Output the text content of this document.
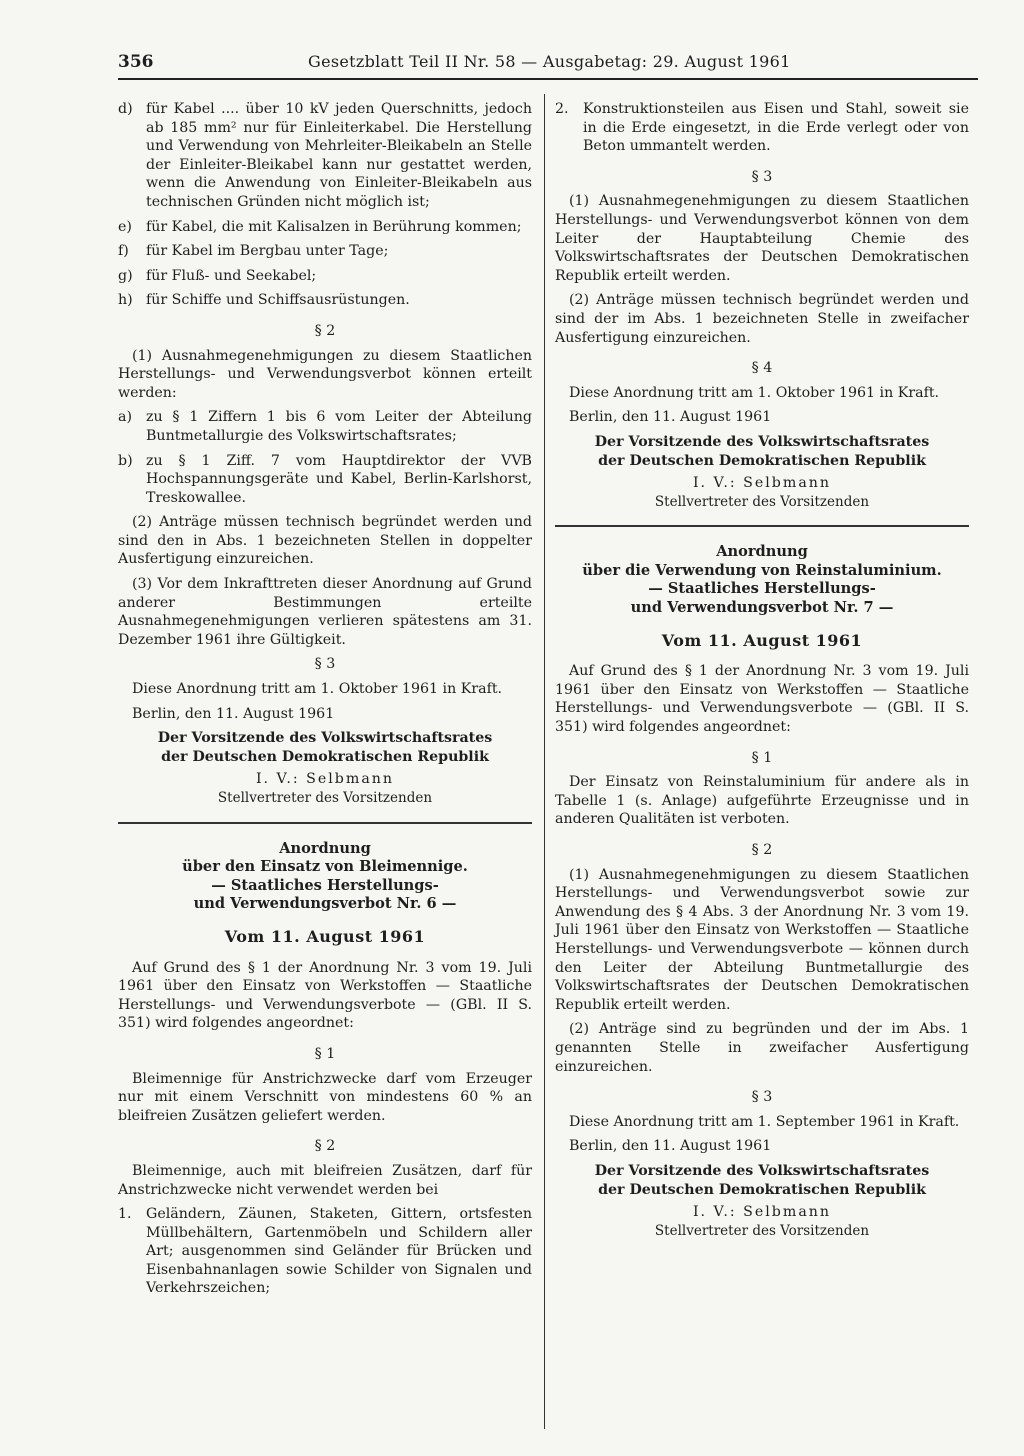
356	Gesetzblatt Teil II Nr. 58 — Ausgabetag: 29. August 1961
d) für Kabel .... über 10 kV jeden Querschnitts, jedoch ab 185 mm² nur für Einleiterkabel. Die Herstellung und Verwendung von Mehrleiter-Bleikabeln an Stelle der Einleiter-Bleikabel kann nur gestattet werden, wenn die Anwendung von Einleiter-Bleikabeln aus technischen Gründen nicht möglich ist;
e) für Kabel, die mit Kalisalzen in Berührung kommen;
f)	für Kabel im Bergbau unter Tage;
g) für Fluß- und Seekabel;
h) für Schiffe und Schiffsausrüstungen.

§ 2

(1) Ausnahmegenehmigungen zu diesem Staatlichen Herstellungs- und Verwendungsverbot können erteilt werden:

a) zu § 1 Ziffern 1 bis 6 vom Leiter der Abteilung Buntmetallurgie des Volkswirtschaftsrates;
b) zu § 1 Ziff. 7 vom Hauptdirektor der VVB Hochspannungsgeräte und Kabel, Berlin-Karlshorst, Treskowallee.

(2) Anträge müssen technisch begründet werden und sind den in Abs. 1 bezeichneten Stellen in doppelter Ausfertigung einzureichen.

(3) Vor dem Inkrafttreten dieser Anordnung auf Grund anderer Bestimmungen erteilte Ausnahmegenehmigungen verlieren spätestens am 31. Dezember 1961 ihre Gültigkeit.

§ 3

Diese Anordnung tritt am 1. Oktober 1961 in Kraft.

Berlin, den 11. August 1961

Der Vorsitzende des Volkswirtschaftsrates

der Deutschen Demokratischen Republik

I. V.: Selbmann

Stellvertreter des Vorsitzenden

Anordnung

über den Einsatz von Bleimennige.

— Staatliches Herstellungs-

und Verwendungsverbot Nr. 6 —

Vom 11. August 1961

Auf Grund des § 1 der Anordnung Nr. 3 vom 19. Juli 1961 über den Einsatz von Werkstoffen — Staatliche Herstellungs- und Verwendungsverbote — (GBl. II S. 351) wird folgendes angeordnet:

§ 1

Bleimennige für Anstrichzwecke darf vom Erzeuger nur mit einem Verschnitt von mindestens 60 % an bleifreien Zusätzen geliefert werden.

§ 2

Bleimennige, auch mit bleifreien Zusätzen, darf für Anstrichzwecke nicht verwendet werden bei

1.	Geländern, Zäunen, Staketen, Gittern, ortsfesten Müllbehältern, Gartenmöbeln und Schildern aller Art; ausgenommen sind Geländer für Brücken und Eisenbahnanlagen sowie Schilder von Signalen und Verkehrszeichen;
2.	Konstruktionsteilen aus Eisen und Stahl, soweit sie in die Erde eingesetzt, in die Erde verlegt oder von Beton ummantelt werden.

§ 3

(1) Ausnahmegenehmigungen zu diesem Staatlichen Herstellungs- und Verwendungsverbot können von dem Leiter der Hauptabteilung Chemie des Volkswirtschaftsrates der Deutschen Demokratischen Republik erteilt werden.

(2) Anträge müssen technisch begründet werden und sind der im Abs. 1 bezeichneten Stelle in zweifacher Ausfertigung einzureichen.

§ 4

Diese Anordnung tritt am 1. Oktober 1961 in Kraft.

Berlin, den 11. August 1961

Der Vorsitzende des Volkswirtschaftsrates

der Deutschen Demokratischen Republik

I. V.: Selbmann

Stellvertreter des Vorsitzenden

Anordnung

über die Verwendung von Reinstaluminium.

— Staatliches Herstellungs-

und Verwendungsverbot Nr. 7 —

Vom 11. August 1961

Auf Grund des § 1 der Anordnung Nr. 3 vom 19. Juli 1961 über den Einsatz von Werkstoffen — Staatliche Herstellungs- und Verwendungsverbote — (GBl. II S. 351) wird folgendes angeordnet:

§ 1

Der Einsatz von Reinstaluminium für andere als in Tabelle 1 (s. Anlage) aufgeführte Erzeugnisse und in anderen Qualitäten ist verboten.

§ 2

(1) Ausnahmegenehmigungen zu diesem Staatlichen Herstellungs- und Verwendungsverbot sowie zur Anwendung des § 4 Abs. 3 der Anordnung Nr. 3 vom 19. Juli 1961 über den Einsatz von Werkstoffen — Staatliche Herstellungs- und Verwendungsverbote — können durch den Leiter der Abteilung Buntmetallurgie des Volkswirtschaftsrates der Deutschen Demokratischen Republik erteilt werden.

(2) Anträge sind zu begründen und der im Abs. 1 genannten Stelle in zweifacher Ausfertigung einzureichen.

§ 3

Diese Anordnung tritt am 1. September 1961 in Kraft.

Berlin, den 11. August 1961

Der Vorsitzende des Volkswirtschaftsrates

der Deutschen Demokratischen Republik

I. V.: Selbmann

Stellvertreter des Vorsitzenden
